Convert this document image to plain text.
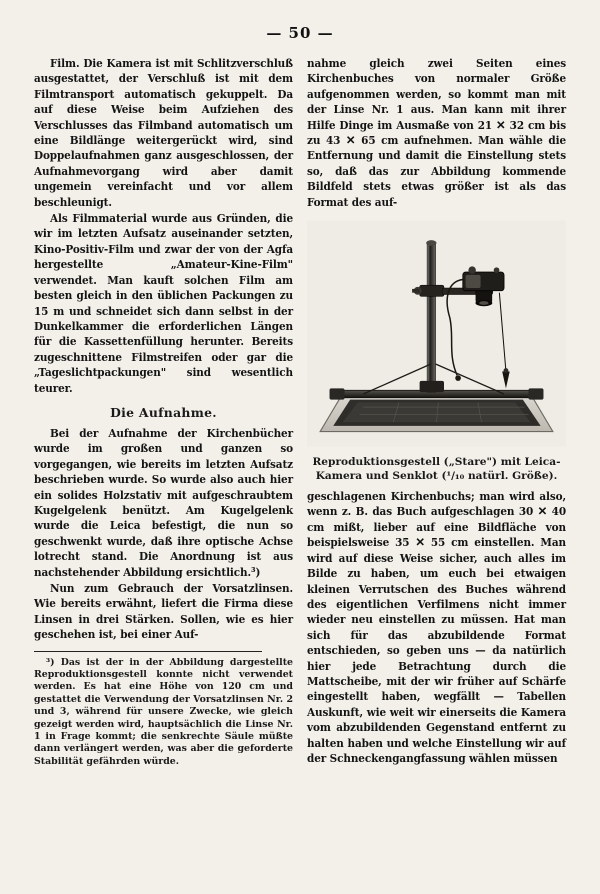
— 50 —

Film. Die Kamera ist mit Schlitzverschluß ausgestattet, der Verschluß ist mit dem Filmtransport automatisch gekuppelt. Da auf diese Weise beim Aufziehen des Verschlusses das Filmband automatisch um eine Bildlänge weitergerückt wird, sind Doppelaufnahmen ganz ausgeschlossen, der Aufnahmevorgang wird aber damit ungemein vereinfacht und vor allem beschleunigt.

Als Filmmaterial wurde aus Gründen, die wir im letzten Aufsatz auseinander setzten, Kino-Positiv-Film und zwar der von der Agfa hergestellte „Amateur-Kine-Film" verwendet. Man kauft solchen Film am besten gleich in den üblichen Packungen zu 15 m und schneidet sich dann selbst in der Dunkelkammer die erforderlichen Längen für die Kassettenfüllung herunter. Bereits zugeschnittene Filmstreifen oder gar die „Tageslichtpackungen" sind wesentlich teurer.

Die Aufnahme.

Bei der Aufnahme der Kirchenbücher wurde im großen und ganzen so vorgegangen, wie bereits im letzten Aufsatz beschrieben wurde. So wurde also auch hier ein solides Holzstativ mit aufgeschraubtem Kugelgelenk benützt. Am Kugelgelenk wurde die Leica befestigt, die nun so geschwenkt wurde, daß ihre optische Achse lotrecht stand. Die Anordnung ist aus nachstehender Abbildung ersichtlich.³)

Nun zum Gebrauch der Vorsatzlinsen. Wie bereits erwähnt, liefert die Firma diese Linsen in drei Stärken. Sollen, wie es hier geschehen ist, bei einer Auf-

³) Das ist der in der Abbildung dargestellte Reproduktionsgestell konnte nicht verwendet werden. Es hat eine Höhe von 120 cm und gestattet die Verwendung der Vorsatzlinsen Nr. 2 und 3, während für unsere Zwecke, wie gleich gezeigt werden wird, hauptsächlich die Linse Nr. 1 in Frage kommt; die senkrechte Säule müßte dann verlängert werden, was aber die geforderte Stabilität gefährden würde.

nahme gleich zwei Seiten eines Kirchenbuches von normaler Größe aufgenommen werden, so kommt man mit der Linse Nr. 1 aus. Man kann mit ihrer Hilfe Dinge im Ausmaße von 21 ✕ 32 cm bis zu 43 ✕ 65 cm aufnehmen. Man wähle die Entfernung und damit die Einstellung stets so, daß das zur Abbildung kommende Bildfeld stets etwas größer ist als das Format des auf-

Reproduktionsgestell („Stare") mit Leica-Kamera und Senklot (¹/₁₀ natürl. Größe).

geschlagenen Kirchenbuchs; man wird also, wenn z. B. das Buch aufgeschlagen 30 ✕ 40 cm mißt, lieber auf eine Bildfläche von beispielsweise 35 ✕ 55 cm einstellen. Man wird auf diese Weise sicher, auch alles im Bilde zu haben, um euch bei etwaigen kleinen Verrutschen des Buches während des eigentlichen Verfilmens nicht immer wieder neu einstellen zu müssen. Hat man sich für das abzubildende Format entschieden, so geben uns — da natürlich hier jede Betrachtung durch die Mattscheibe, mit der wir früher auf Schärfe eingestellt haben, wegfällt — Tabellen Auskunft, wie weit wir einerseits die Kamera vom abzubildenden Gegenstand entfernt zu halten haben und welche Einstellung wir auf der Schneckengangfassung wählen müssen
